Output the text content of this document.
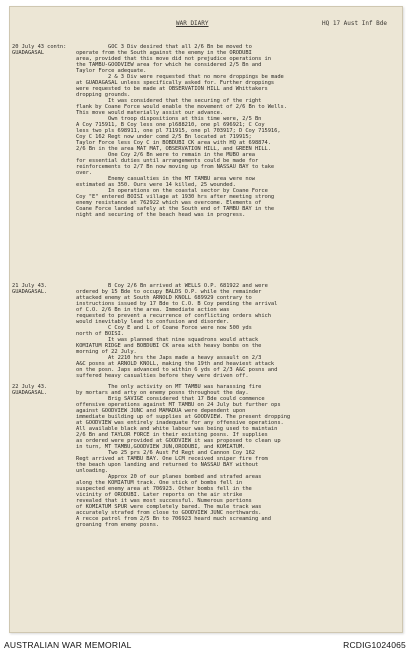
WAR DIARY	HQ 17 Aust Inf Bde
20 July 43 contn:
GUADAGASAL
GOC 3 Div desired that all 2/6 Bn be moved to
operate from the South against the enemy in the ORODUBI
area, provided that this move did not prejudice operations in
the TAMBU-GOODVIEW area for which he considered 2/5 Bn and
Taylor Force adequate.
2 & 3 Div were requested that no more droppings be made
at GUADAGASAL unless specifically asked for. Further droppings
were requested to be made at OBSERVATION HILL and Whittakers
dropping grounds.
It was considered that the securing of the right
flank by Coane Force would enable the movement of 2/6 Bn to Wells.
This move would materially assist our advance.
Own troop dispositions at this time were, 2/5 Bn
A Coy 715911, B Coy less one pl688210, one pl 696921; C Coy
less two pls 698911, one pl 711915, one pl 703917; D Coy 715916,
Coy C 162 Regt now under comd 2/5 Bn located at 719915;
Taylor Force less Coy C in BOBDUBI CK area with HQ at 698874.
2/6 Bn in the area MAT MAT, OBSERVATION HILL, and GREEN HILL.
One Coy 2/6 Bn were to remain in the MUBO area
for essential duties until arrangements could be made for
reinforcements to 2/7 Bn now moving up from NASSAU BAY to take
over.
Enemy casualties in the MT TAMBU area were now
estimated as 350. Ours were 14 killed, 25 wounded.
In operations on the coastal sector by Coane Force
Coy "E" entered BOISI village at 1930 hrs after meeting strong
enemy resistance at 762922 which was overcome. Elements of
Coane Force landed safely at the South end of TAMBU BAY in the
night and securing of the beach head was in progress.
21 July 43.
GUADAGASAL.
B Coy 2/6 Bn arrived at WELLS O.P. 681922 and were
ordered by 15 Bde to occupy BALDS O.P. while the remainder
attacked enemy at South ARNOLD KNOLL 689929 contrary to
instructions issued by 17 Bde to C.O. B Coy pending the arrival
of C.O. 2/6 Bn in the area. Immediate action was
requested to prevent a recurrence of conflicting orders which
would inevitably lead to confusion and disorder.
C Coy E and L of Coane Force were now 500 yds
north of BOISI.
It was planned that nine squadrons would attack
KOMIATUM RIDGE and BOBDUBI CK area with heavy bombs on the
morning of 22 July.
At 2210 hrs the Japs made a heavy assault on 2/3
A&C posns at ARNOLD KNOLL, making the 19th and heaviest attack
on the posn. Japs advanced to within 6 yds of 2/3 A&C posns and
suffered heavy casualties before they were driven off.
22 July 43.
GUADAGASAL.
The only activity on MT TAMBU was harassing fire
by mortars and arty on enemy posns throughout the day.
Brig SAVIGE considered that 17 Bde could commence
offensive operations against MT TAMBU on 24 July but further ops
against GOODVIEW JUNC and MAMADUA were dependent upon
immediate building up of supplies at GOODVIEW. The present dropping
at GOODVIEW was entirely inadequate for any offensive operations.
All available black and white labour was being used to maintain
2/6 Bn and TAYLOR FORCE in their existing posns. If supplies
as ordered were provided at GOODVIEW it was proposed to clean up
in turn, MT TAMBU,GOODVIEW JUN,ORODUBI, and KOMIATUM.
Two 25 prs 2/6 Aust Fd Regt and Cannon Coy 162
Regt arrived at TAMBU BAY. One LCM received sniper fire from
the beach upon landing and returned to NASSAU BAY without
unloading.
Approx 20 of our planes bombed and strafed areas
along the KOMIATUM track. One stick of bombs fell in
suspected enemy area at 706923. Other bombs fell in the
vicinity of ORODUBI. Later reports on the air strike
revealed that it was most successful. Numerous portions
of KOMIATUM SPUR were completely bared. The mule track was
accurately strafed from close to GOODVIEW JUNC northwards.
A recce patrol from 2/5 Bn to 706923 heard much screaming and
groaning from enemy posns.
AUSTRALIAN WAR MEMORIAL	RCDIG1024065
